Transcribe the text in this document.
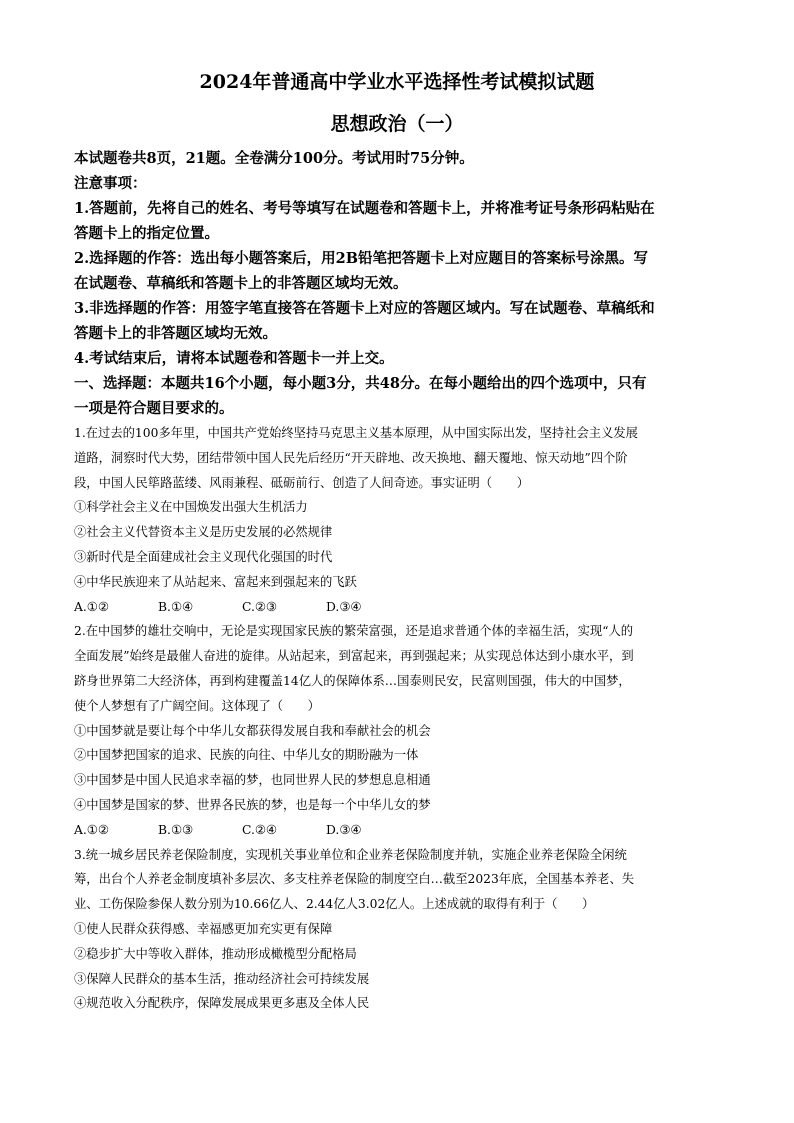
2024年普通高中学业水平选择性考试模拟试题
思想政治（一）
本试题卷共8页，21题。全卷满分100分。考试用时75分钟。
注意事项：
1.答题前，先将自己的姓名、考号等填写在试题卷和答题卡上，并将准考证号条形码粘贴在
答题卡上的指定位置。
2.选择题的作答：选出每小题答案后，用2B铅笔把答题卡上对应题目的答案标号涂黑。写
在试题卷、草稿纸和答题卡上的非答题区域均无效。
3.非选择题的作答：用签字笔直接答在答题卡上对应的答题区域内。写在试题卷、草稿纸和
答题卡上的非答题区域均无效。
4.考试结束后，请将本试题卷和答题卡一并上交。
一、选择题：本题共16个小题，每小题3分，共48分。在每小题给出的四个选项中，只有
一项是符合题目要求的。
1.在过去的100多年里，中国共产党始终坚持马克思主义基本原理，从中国实际出发，坚持社会主义发展
道路，洞察时代大势，团结带领中国人民先后经历“开天辟地、改天换地、翻天覆地、惊天动地”四个阶
段，中国人民筚路蓝缕、风雨兼程、砥砺前行、创造了人间奇迹。事实证明（　　）
①科学社会主义在中国焕发出强大生机活力
②社会主义代替资本主义是历史发展的必然规律
③新时代是全面建成社会主义现代化强国的时代
④中华民族迎来了从站起来、富起来到强起来的飞跃
A.①②	B.①④	C.②③	D.③④
2.在中国梦的雄壮交响中，无论是实现国家民族的繁荣富强，还是追求普通个体的幸福生活，实现“人的
全面发展”始终是最催人奋进的旋律。从站起来，到富起来，再到强起来；从实现总体达到小康水平，到
跻身世界第二大经济体，再到构建覆盖14亿人的保障体系…国泰则民安，民富则国强，伟大的中国梦，
使个人梦想有了广阔空间。这体现了（　　）
①中国梦就是要让每个中华儿女都获得发展自我和奉献社会的机会
②中国梦把国家的追求、民族的向往、中华儿女的期盼融为一体
③中国梦是中国人民追求幸福的梦，也同世界人民的梦想息息相通
④中国梦是国家的梦、世界各民族的梦，也是每一个中华儿女的梦
A.①②	B.①③	C.②④	D.③④
3.统一城乡居民养老保险制度，实现机关事业单位和企业养老保险制度并轨，实施企业养老保险全闲统
筹，出台个人养老金制度填补多层次、多支柱养老保险的制度空白…截至2023年底，全国基本养老、失
业、工伤保险参保人数分别为10.66亿人、2.44亿人3.02亿人。上述成就的取得有利于（　　）
①使人民群众获得感、幸福感更加充实更有保障
②稳步扩大中等收入群体，推动形成橄榄型分配格局
③保障人民群众的基本生活，推动经济社会可持续发展
④规范收入分配秩序，保障发展成果更多惠及全体人民
